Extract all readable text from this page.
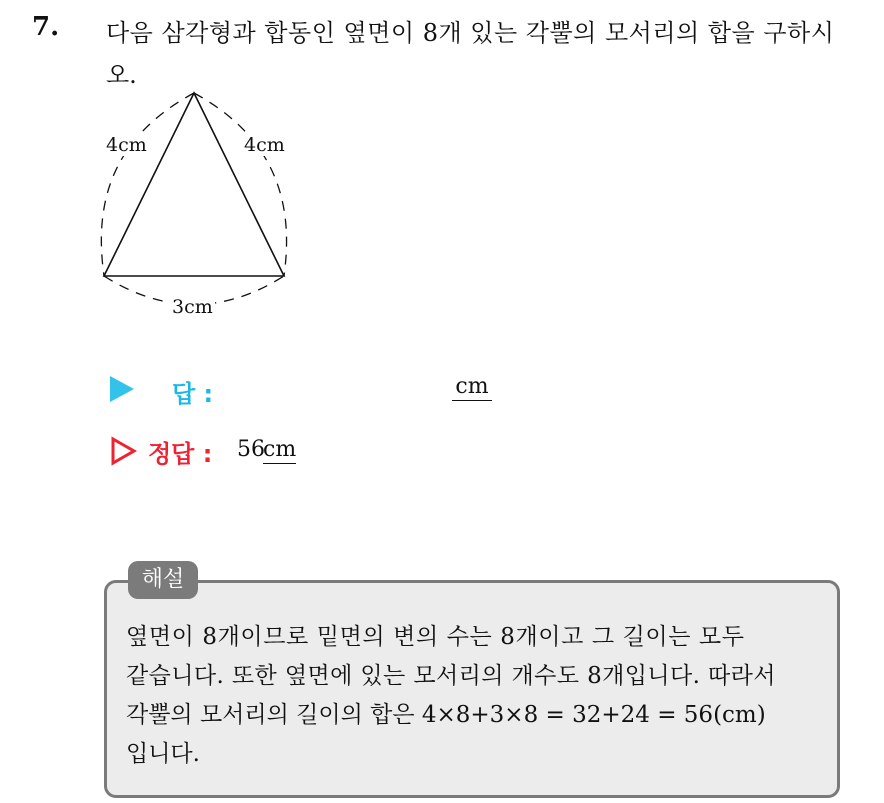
7. 다음 삼각형과 합동인 옆면이 8개 있는 각뿔의 모서리의 합을 구하시
오.
4cm	4cm
3cm
답 :	cm
정답 : 56
cm
해설
옆면이 8개이므로 밑면의 변의 수는 8개이고 그 길이는 모두
같습니다. 또한 옆면에 있는 모서리의 개수도 8개입니다. 따라서
각뿔의 모서리의 길이의 합은 4×8+3×8 = 32+24 = 56(cm)
입니다.
